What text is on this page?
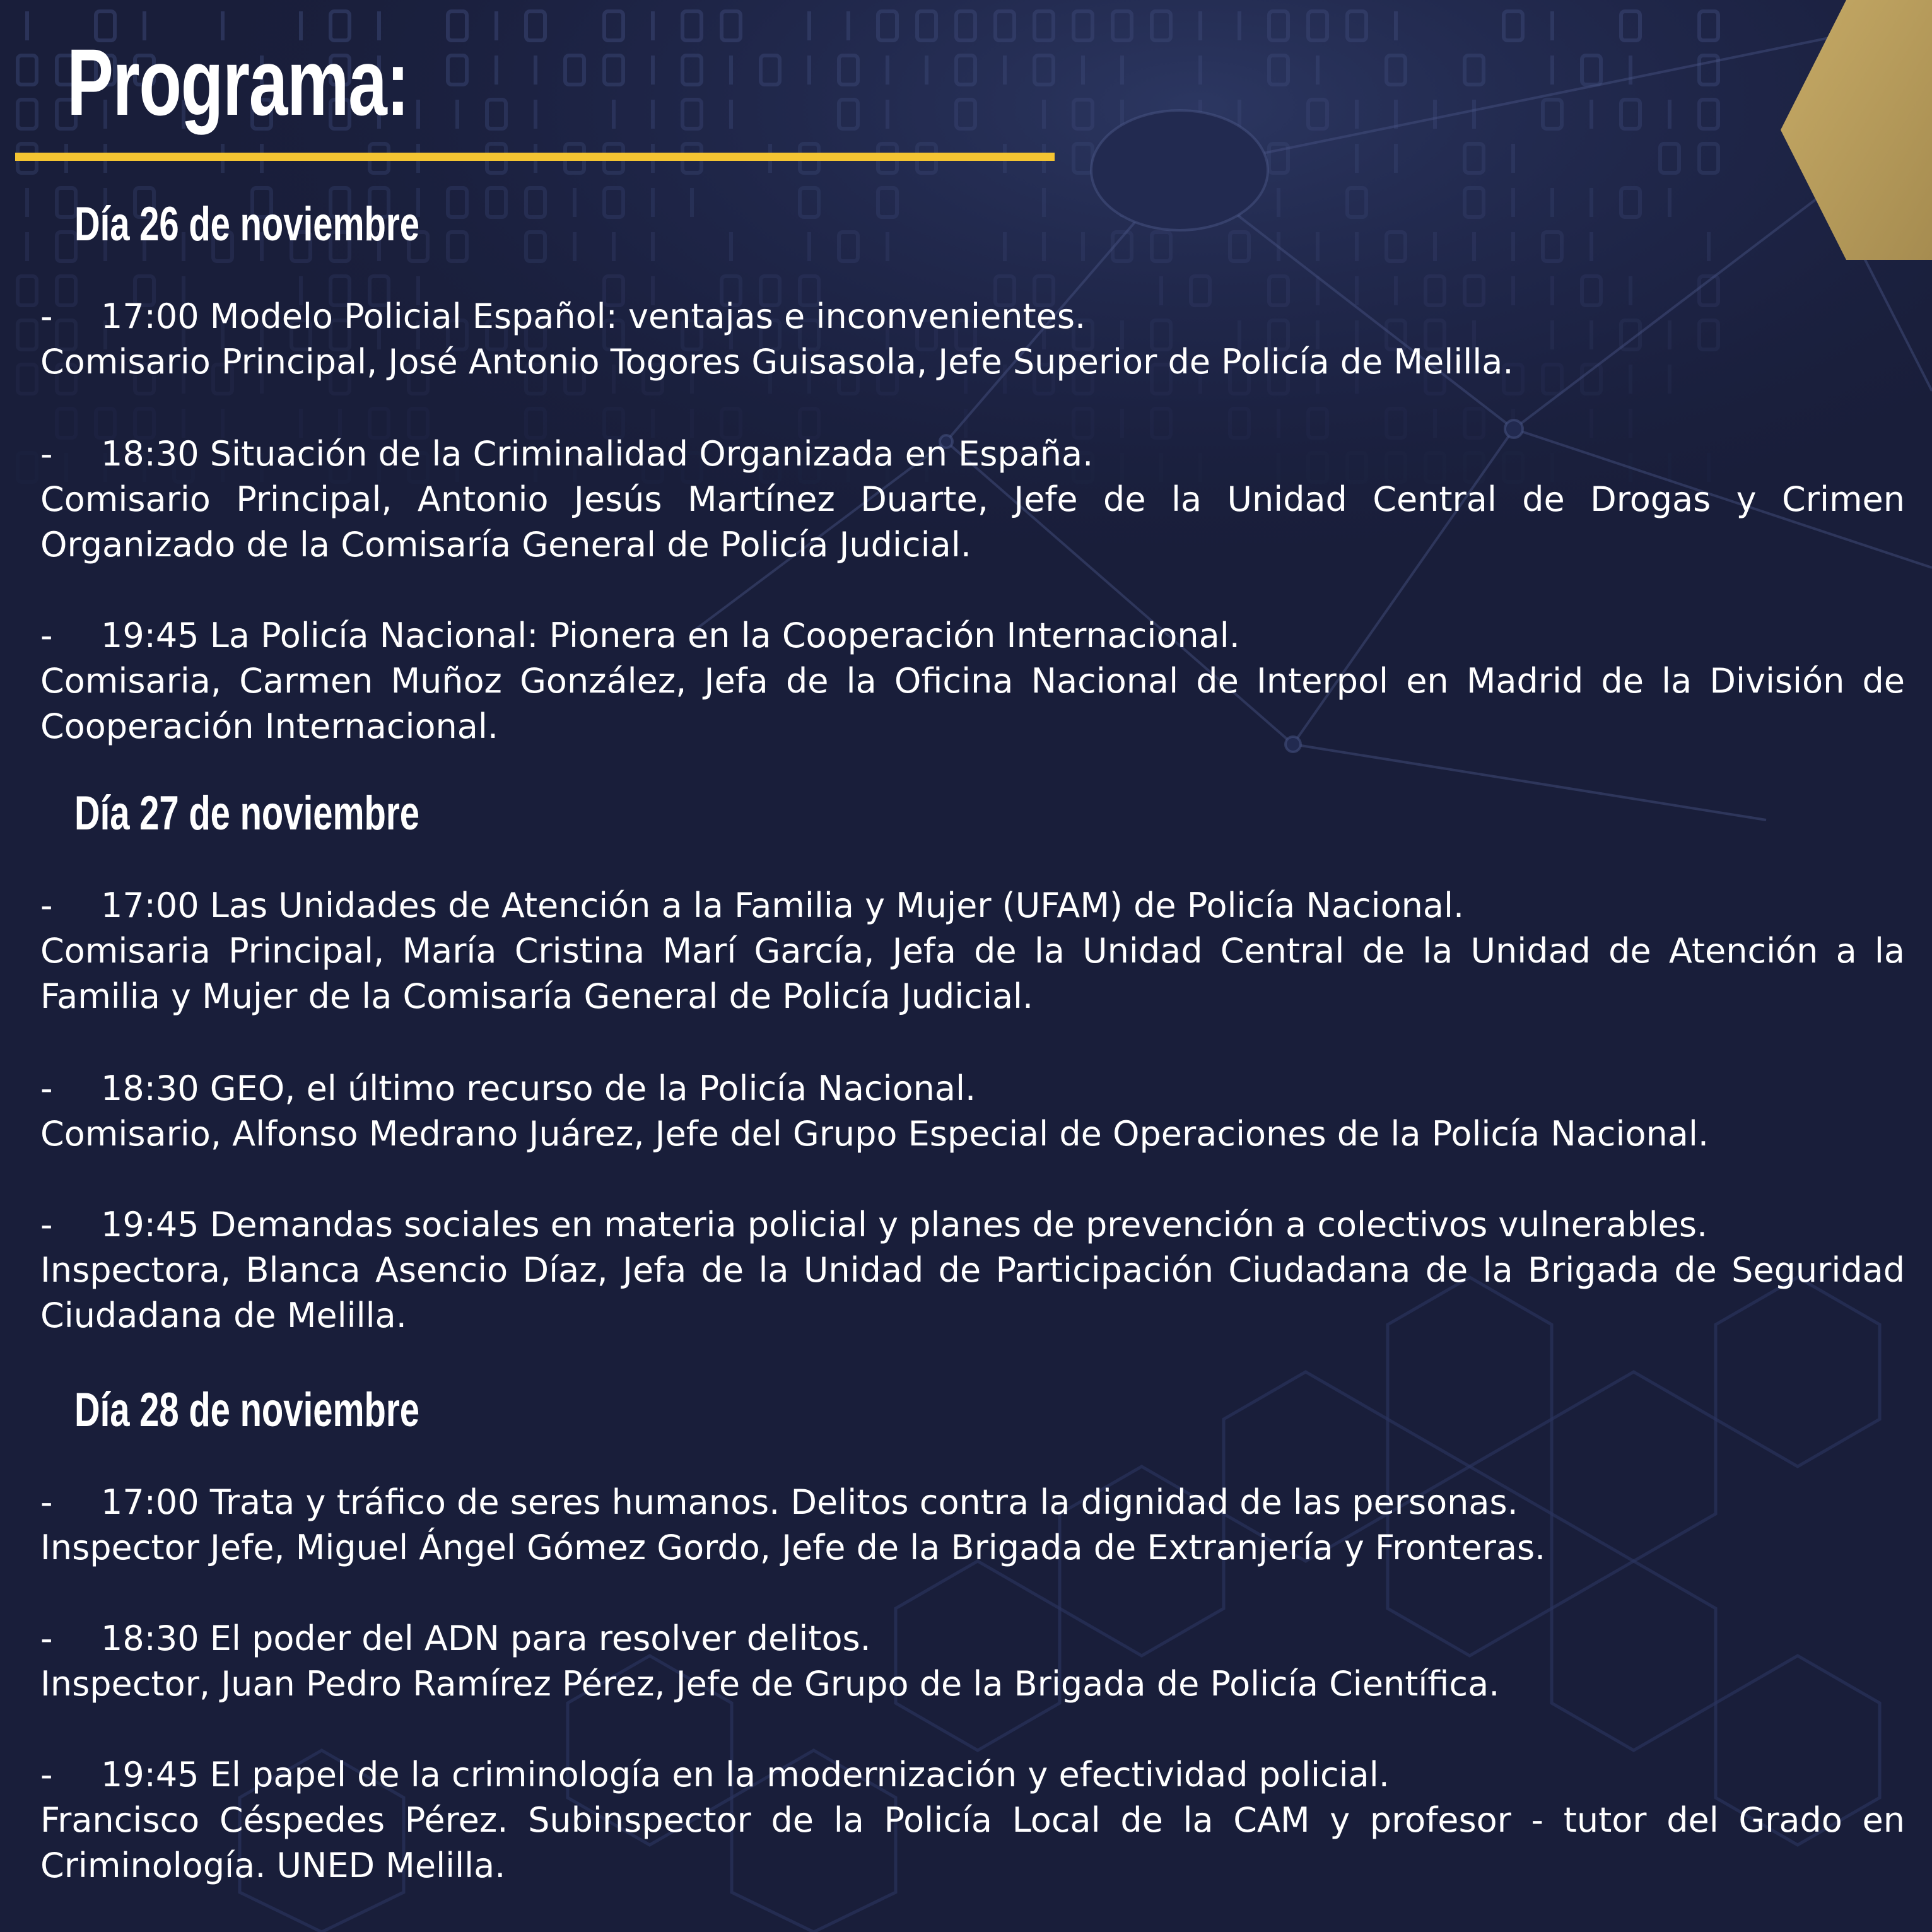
Programa:
Día 26 de noviembre
- 17:00 Modelo Policial Español: ventajas e inconvenientes.
Comisario Principal, José Antonio Togores Guisasola, Jefe Superior de Policía de Melilla.
- 18:30 Situación de la Criminalidad Organizada en España.
Comisario Principal, Antonio Jesús Martínez Duarte, Jefe de la Unidad Central de Drogas y Crimen Organizado de la Comisaría General de Policía Judicial.
- 19:45 La Policía Nacional: Pionera en la Cooperación Internacional.
Comisaria, Carmen Muñoz González, Jefa de la Oficina Nacional de Interpol en Madrid de la División de Cooperación Internacional.
Día 27 de noviembre
- 17:00 Las Unidades de Atención a la Familia y Mujer (UFAM) de Policía Nacional.
Comisaria Principal, María Cristina Marí García, Jefa de la Unidad Central de la Unidad de Atención a la Familia y Mujer de la Comisaría General de Policía Judicial.
- 18:30 GEO, el último recurso de la Policía Nacional.
Comisario, Alfonso Medrano Juárez, Jefe del Grupo Especial de Operaciones de la Policía Nacional.
- 19:45 Demandas sociales en materia policial y planes de prevención a colectivos vulnerables.
Inspectora, Blanca Asencio Díaz, Jefa de la Unidad de Participación Ciudadana de la Brigada de Seguridad Ciudadana de Melilla.
Día 28 de noviembre
- 17:00 Trata y tráfico de seres humanos. Delitos contra la dignidad de las personas.
Inspector Jefe, Miguel Ángel Gómez Gordo, Jefe de la Brigada de Extranjería y Fronteras.
- 18:30 El poder del ADN para resolver delitos.
Inspector, Juan Pedro Ramírez Pérez, Jefe de Grupo de la Brigada de Policía Científica.
- 19:45 El papel de la criminología en la modernización y efectividad policial.
Francisco Céspedes Pérez. Subinspector de la Policía Local de la CAM y profesor - tutor del Grado en Criminología. UNED Melilla.
